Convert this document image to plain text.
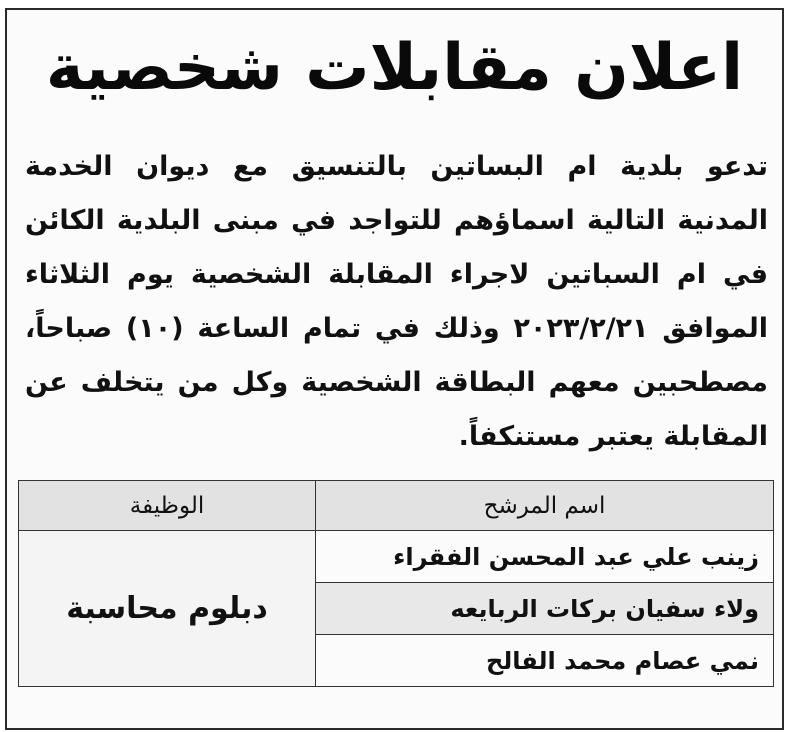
اعلان مقابلات شخصية

تدعو بلدية ام البساتين بالتنسيق مع ديوان الخدمة المدنية التالية اسماؤهم للتواجد في مبنى البلدية الكائن في ام السباتين لاجراء المقابلة الشخصية يوم الثلاثاء الموافق ٢٠٢٣/٢/٢١ وذلك في تمام الساعة (١٠) صباحاً، مصطحبين معهم البطاقة الشخصية وكل من يتخلف عن المقابلة يعتبر مستنكفاً.

اسم المرشح	الوظيفة
زينب علي عبد المحسن الفقراء	دبلوم محاسبة
ولاء سفيان بركات الربايعه	
نمي عصام محمد الفالح	
